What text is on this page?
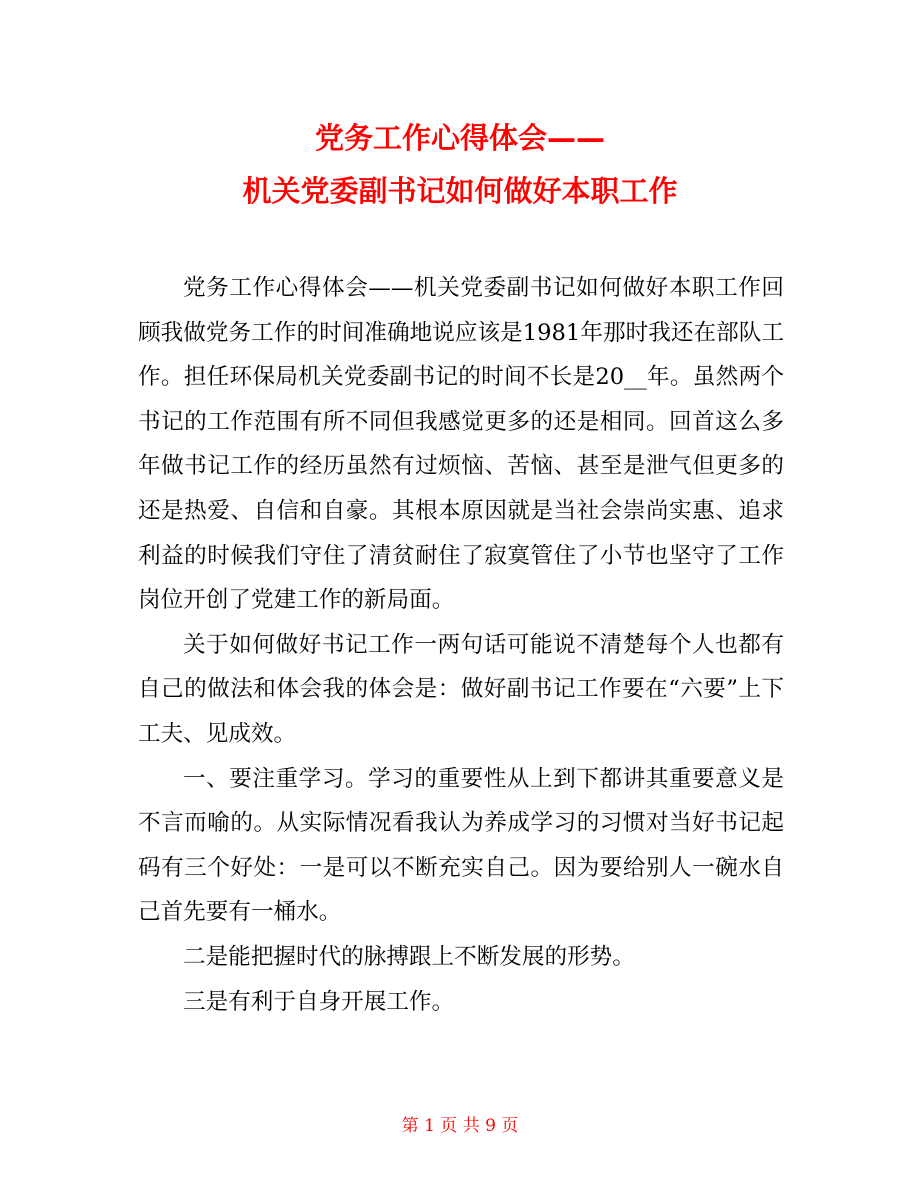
党务工作心得体会——
机关党委副书记如何做好本职工作

党务工作心得体会——机关党委副书记如何做好本职工作回顾我做党务工作的时间准确地说应该是1981年那时我还在部队工作。担任环保局机关党委副书记的时间不长是20__年。虽然两个书记的工作范围有所不同但我感觉更多的还是相同。回首这么多年做书记工作的经历虽然有过烦恼、苦恼、甚至是泄气但更多的还是热爱、自信和自豪。其根本原因就是当社会崇尚实惠、追求利益的时候我们守住了清贫耐住了寂寞管住了小节也坚守了工作岗位开创了党建工作的新局面。

关于如何做好书记工作一两句话可能说不清楚每个人也都有自己的做法和体会我的体会是：做好副书记工作要在“六要”上下工夫、见成效。

一、要注重学习。学习的重要性从上到下都讲其重要意义是不言而喻的。从实际情况看我认为养成学习的习惯对当好书记起码有三个好处：一是可以不断充实自己。因为要给别人一碗水自己首先要有一桶水。

二是能把握时代的脉搏跟上不断发展的形势。

三是有利于自身开展工作。

第 1 页 共 9 页
